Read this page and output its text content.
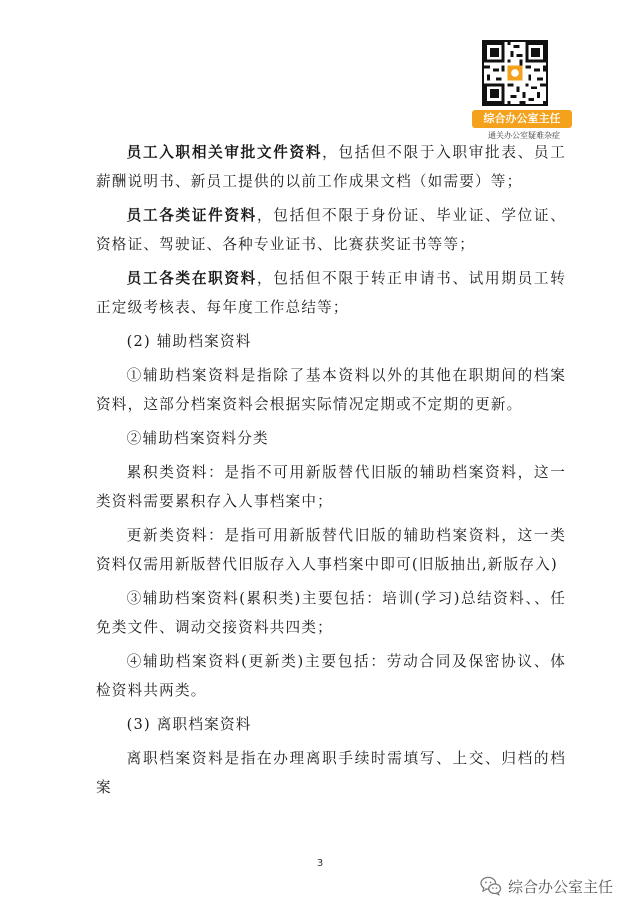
综合办公室主任
通关办公室疑难杂症

员工入职相关审批文件资料，包括但不限于入职审批表、员工薪酬说明书、新员工提供的以前工作成果文档（如需要）等；

员工各类证件资料，包括但不限于身份证、毕业证、学位证、资格证、驾驶证、各种专业证书、比赛获奖证书等等；

员工各类在职资料，包括但不限于转正申请书、试用期员工转正定级考核表、每年度工作总结等；

(2) 辅助档案资料

①辅助档案资料是指除了基本资料以外的其他在职期间的档案资料，这部分档案资料会根据实际情况定期或不定期的更新。

②辅助档案资料分类

累积类资料：是指不可用新版替代旧版的辅助档案资料，这一类资料需要累积存入人事档案中；

更新类资料：是指可用新版替代旧版的辅助档案资料，这一类资料仅需用新版替代旧版存入人事档案中即可(旧版抽出,新版存入)

③辅助档案资料(累积类)主要包括：培训(学习)总结资料、、任免类文件、调动交接资料共四类；

④辅助档案资料(更新类)主要包括：劳动合同及保密协议、体检资料共两类。

(3) 离职档案资料

离职档案资料是指在办理离职手续时需填写、上交、归档的档案

3
综合办公室主任
